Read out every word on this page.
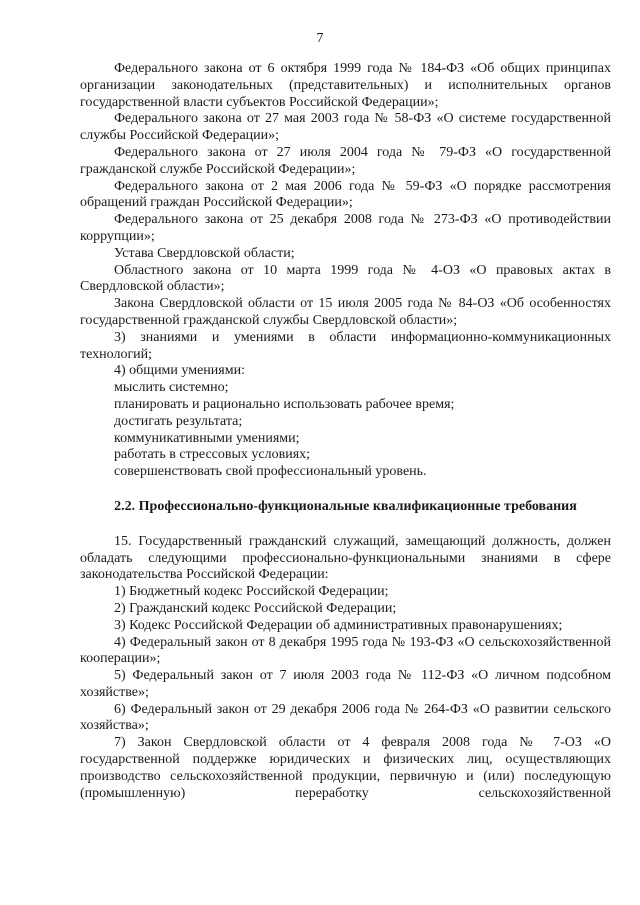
7

Федерального закона от 6 октября 1999 года № 184-ФЗ «Об общих принципах организации законодательных (представительных) и исполнительных органов государственной власти субъектов Российской Федерации»;

Федерального закона от 27 мая 2003 года № 58-ФЗ «О системе государственной службы Российской Федерации»;

Федерального закона от 27 июля 2004 года № 79-ФЗ «О государственной гражданской службе Российской Федерации»;

Федерального закона от 2 мая 2006 года № 59-ФЗ «О порядке рассмотрения обращений граждан Российской Федерации»;

Федерального закона от 25 декабря 2008 года № 273-ФЗ «О противодействии коррупции»;

Устава Свердловской области;

Областного закона от 10 марта 1999 года № 4-ОЗ «О правовых актах в Свердловской области»;

Закона Свердловской области от 15 июля 2005 года № 84-ОЗ «Об особенностях государственной гражданской службы Свердловской области»;

3) знаниями и умениями в области информационно-коммуникационных технологий;

4) общими умениями:

мыслить системно;

планировать и рационально использовать рабочее время;

достигать результата;

коммуникативными умениями;

работать в стрессовых условиях;

совершенствовать свой профессиональный уровень.

2.2. Профессионально-функциональные квалификационные требования

15. Государственный гражданский служащий, замещающий должность, должен обладать следующими профессионально-функциональными знаниями в сфере законодательства Российской Федерации:

1) Бюджетный кодекс Российской Федерации;

2) Гражданский кодекс Российской Федерации;

3) Кодекс Российской Федерации об административных правонарушениях;

4) Федеральный закон от 8 декабря 1995 года № 193-ФЗ «О сельскохозяйственной кооперации»;

5) Федеральный закон от 7 июля 2003 года № 112-ФЗ «О личном подсобном хозяйстве»;

6) Федеральный закон от 29 декабря 2006 года № 264-ФЗ «О развитии сельского хозяйства»;

7) Закон Свердловской области от 4 февраля 2008 года № 7-ОЗ «О государственной поддержке юридических и физических лиц, осуществляющих производство сельскохозяйственной продукции, первичную и (или) последующую (промышленную) переработку сельскохозяйственной
